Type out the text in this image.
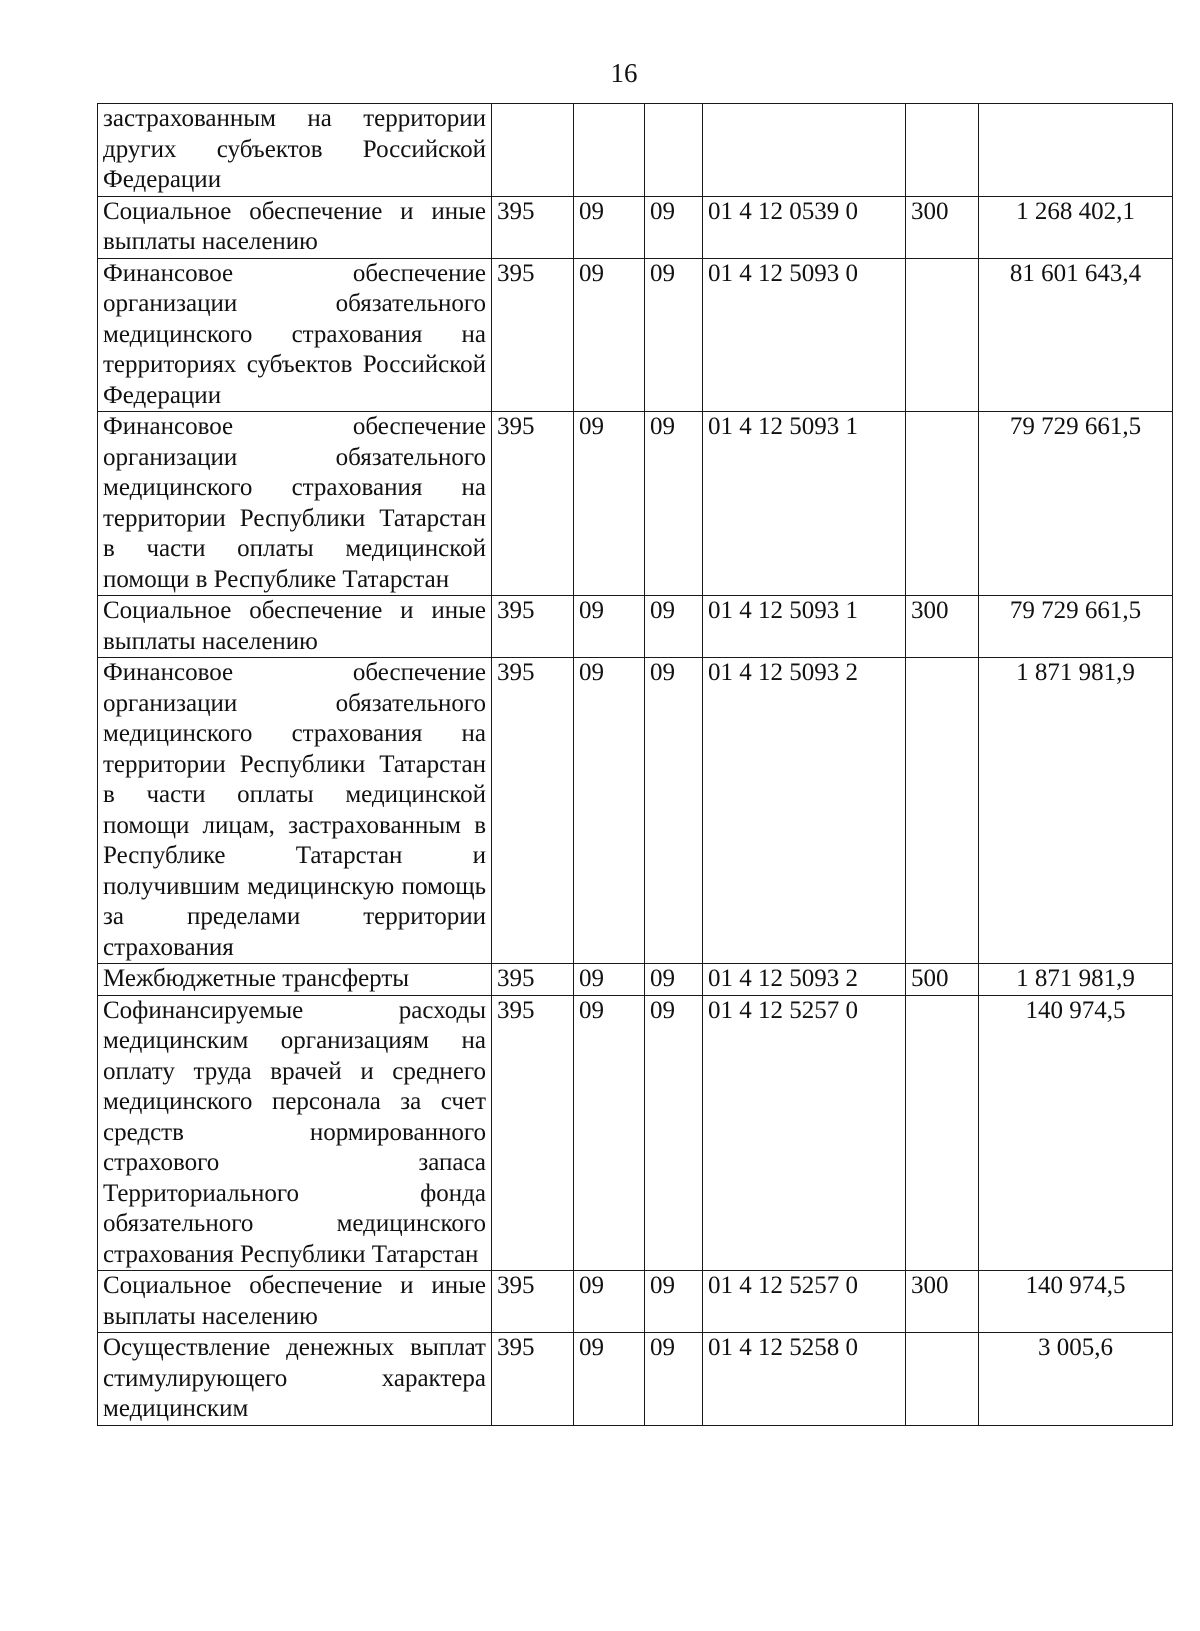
16
застрахованным на территории других субъектов Российской Федерации						
Социальное обеспечение и иные выплаты населению	395	09	09	01 4 12 0539 0	300	1 268 402,1
Финансовое обеспечение организации обязательного медицинского страхования на территориях субъектов Российской Федерации	395	09	09	01 4 12 5093 0		81 601 643,4
Финансовое обеспечение организации обязательного медицинского страхования на территории Республики Татарстан в части оплаты медицинской помощи в Республике Татарстан	395	09	09	01 4 12 5093 1		79 729 661,5
Социальное обеспечение и иные выплаты населению	395	09	09	01 4 12 5093 1	300	79 729 661,5
Финансовое обеспечение организации обязательного медицинского страхования на территории Республики Татарстан в части оплаты медицинской помощи лицам, застрахованным в Республике Татарстан и получившим медицинскую помощь за пределами территории страхования	395	09	09	01 4 12 5093 2		1 871 981,9
Межбюджетные трансферты	395	09	09	01 4 12 5093 2	500	1 871 981,9
Софинансируемые расходы медицинским организациям на оплату труда врачей и среднего медицинского персонала за счет средств нормированного страхового запаса Территориального фонда обязательного медицинского страхования Республики Татарстан	395	09	09	01 4 12 5257 0		140 974,5
Социальное обеспечение и иные выплаты населению	395	09	09	01 4 12 5257 0	300	140 974,5
Осуществление денежных выплат стимулирующего характера медицинским	395	09	09	01 4 12 5258 0		3 005,6
